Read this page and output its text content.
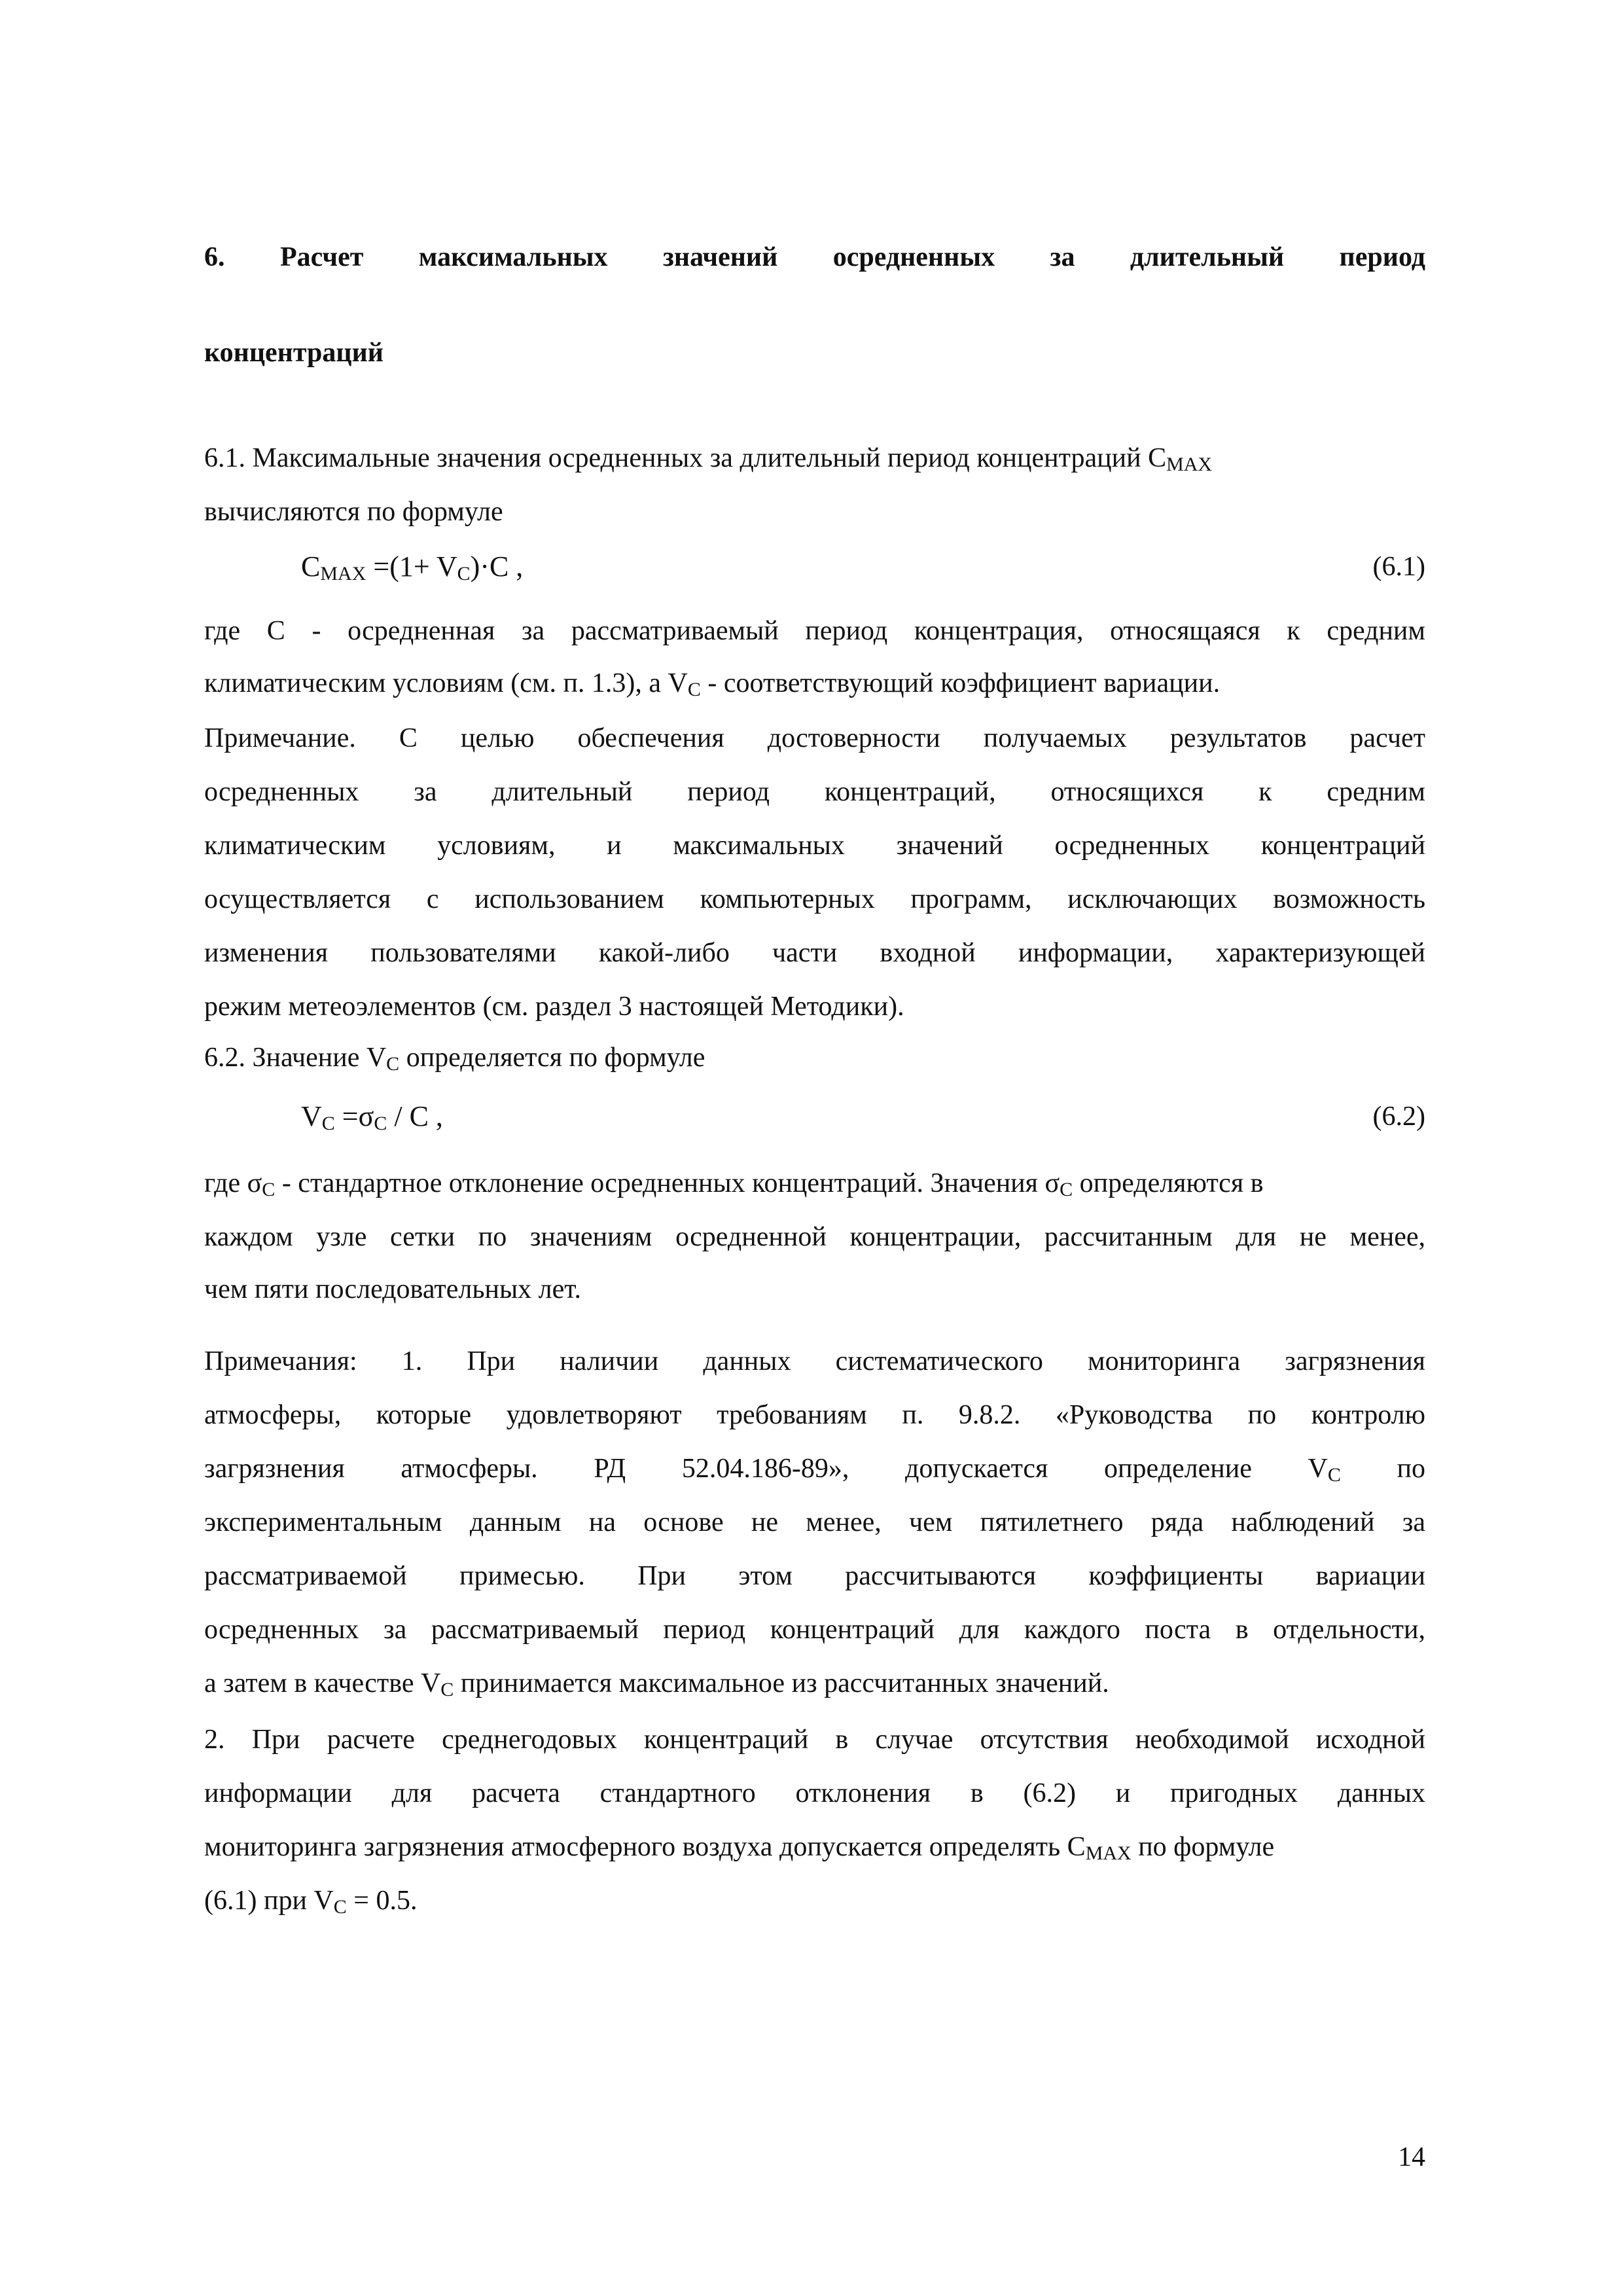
6. Расчет максимальных значений осредненных за длительный период
концентраций
6.1. Максимальные значения осредненных за длительный период концентраций $C_{MAX}$
вычисляются по формуле
$C_{MAX} =(1+ V_C)\cdot C$ ,	(6.1)
где С - осредненная за рассматриваемый период концентрация, относящаяся к средним
климатическим условиям (см. п. 1.3), а $V_C$ - соответствующий коэффициент вариации.
Примечание. С целью обеспечения достоверности получаемых результатов расчет
осредненных за длительный период концентраций, относящихся к средним
климатическим условиям, и максимальных значений осредненных концентраций
осуществляется с использованием компьютерных программ, исключающих возможность
изменения пользователями какой-либо части входной информации, характеризующей
режим метеоэлементов (см. раздел 3 настоящей Методики).
6.2. Значение $V_C$ определяется по формуле
$V_C =\sigma_C / C$ ,	(6.2)
где $\sigma_C$ - стандартное отклонение осредненных концентраций. Значения $\sigma_C$ определяются в
каждом узле сетки по значениям осредненной концентрации, рассчитанным для не менее,
чем пяти последовательных лет.
Примечания: 1. При наличии данных систематического мониторинга загрязнения
атмосферы, которые удовлетворяют требованиям п. 9.8.2. «Руководства по контролю
загрязнения атмосферы. РД 52.04.186-89», допускается определение $V_C$ по
экспериментальным данным на основе не менее, чем пятилетнего ряда наблюдений за
рассматриваемой примесью. При этом рассчитываются коэффициенты вариации
осредненных за рассматриваемый период концентраций для каждого поста в отдельности,
а затем в качестве $V_C$ принимается максимальное из рассчитанных значений.
2. При расчете среднегодовых концентраций в случае отсутствия необходимой исходной
информации для расчета стандартного отклонения в (6.2) и пригодных данных
мониторинга загрязнения атмосферного воздуха допускается определять $C_{MAX}$ по формуле
(6.1) при $V_C = 0.5$.
14
